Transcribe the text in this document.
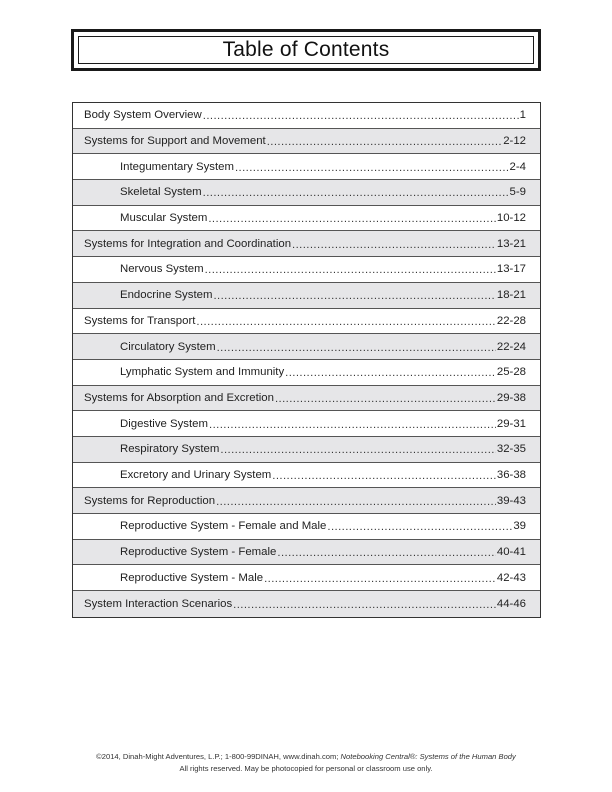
Table of Contents
Body System Overview .....	1
Systems for Support and Movement .....	2-12
Integumentary System .....	2-4
Skeletal System .....	5-9
Muscular System .....	10-12
Systems for Integration and Coordination .....	13-21
Nervous System .....	13-17
Endocrine System .....	18-21
Systems for Transport .....	22-28
Circulatory System .....	22-24
Lymphatic System and Immunity .....	25-28
Systems for Absorption and Excretion .....	29-38
Digestive System .....	29-31
Respiratory System .....	32-35
Excretory and Urinary System .....	36-38
Systems for Reproduction .....	39-43
Reproductive System - Female and Male .....	39
Reproductive System - Female .....	40-41
Reproductive System - Male .....	42-43
System Interaction Scenarios .....	44-46
©2014, Dinah-Might Adventures, L.P.; 1-800-99DINAH, www.dinah.com; Notebooking Central®: Systems of the Human Body
All rights reserved. May be photocopied for personal or classroom use only.
